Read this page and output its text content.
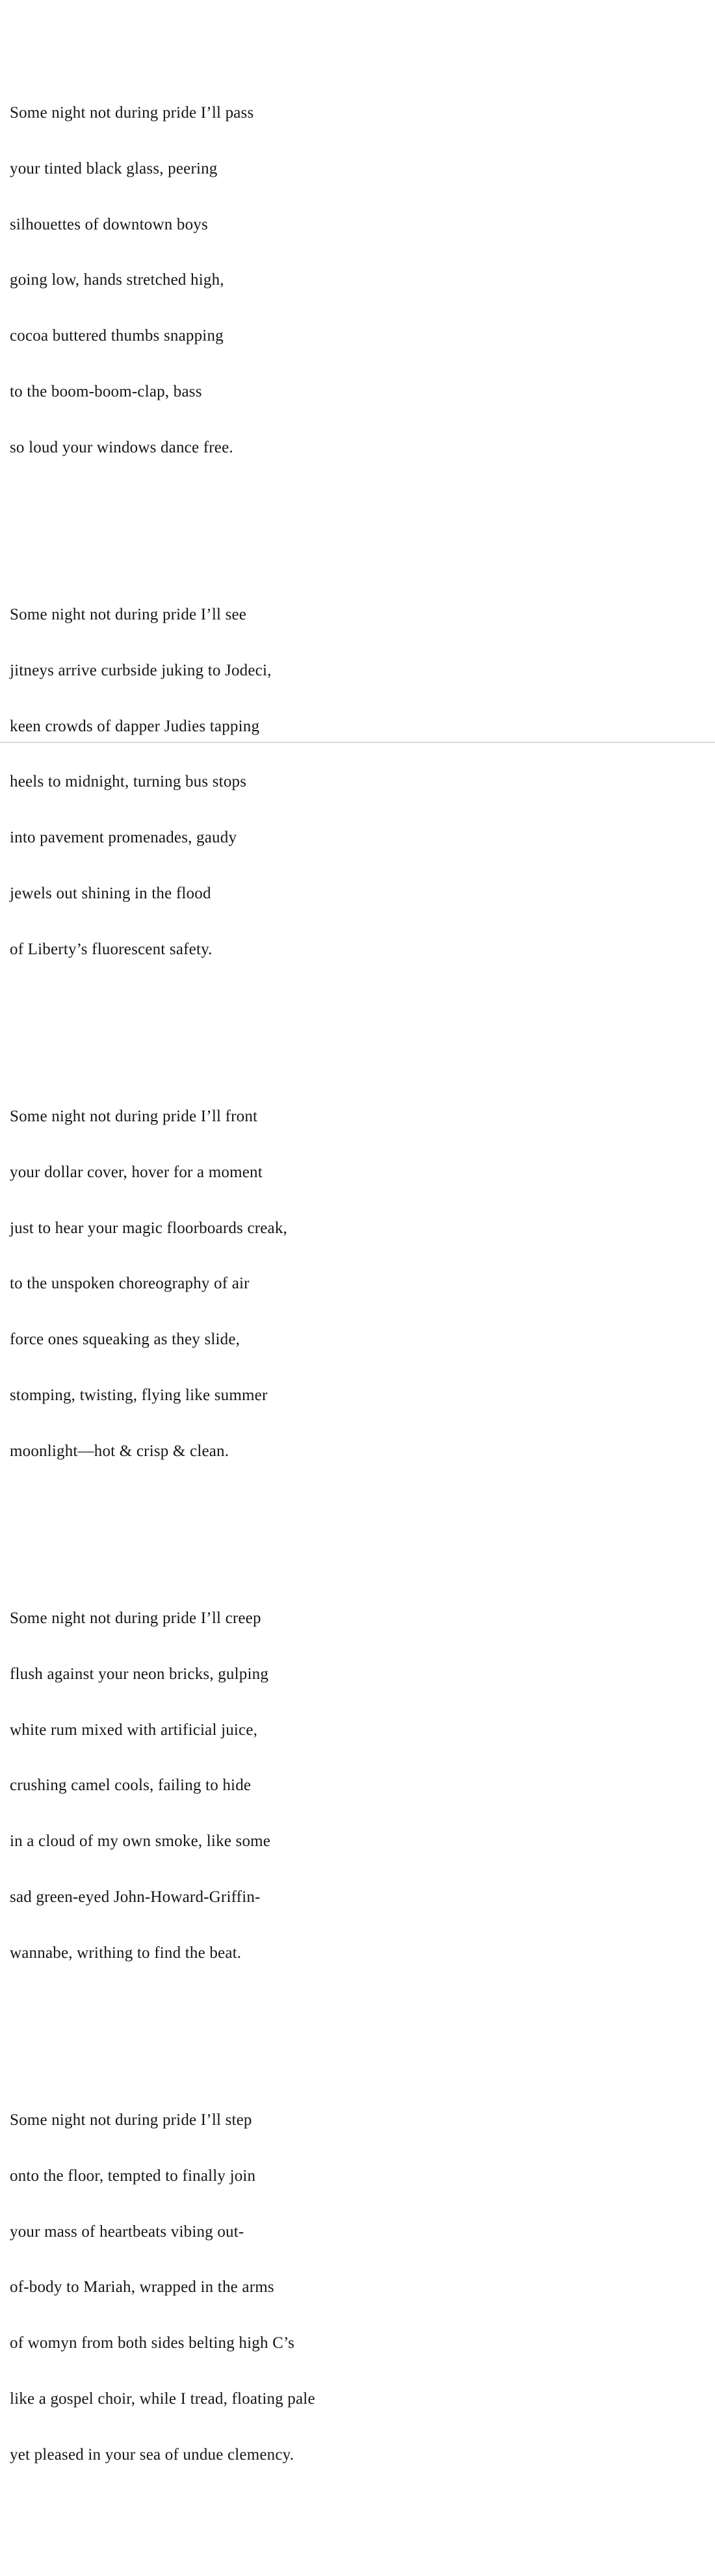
Some night not during pride I’ll pass

your tinted black glass, peering

silhouettes of downtown boys

going low, hands stretched high,

cocoa buttered thumbs snapping

to the boom-boom-clap, bass

so loud your windows dance free.

Some night not during pride I’ll see

jitneys arrive curbside juking to Jodeci,

keen crowds of dapper Judies tapping

heels to midnight, turning bus stops

into pavement promenades, gaudy

jewels out shining in the flood

of Liberty’s fluorescent safety.

Some night not during pride I’ll front

your dollar cover, hover for a moment

just to hear your magic floorboards creak,

to the unspoken choreography of air

force ones squeaking as they slide,

stomping, twisting, flying like summer

moonlight—hot & crisp & clean.

Some night not during pride I’ll creep

flush against your neon bricks, gulping

white rum mixed with artificial juice,

crushing camel cools, failing to hide

in a cloud of my own smoke, like some

sad green-eyed John-Howard-Griffin-

wannabe, writhing to find the beat.

Some night not during pride I’ll step

onto the floor, tempted to finally join

your mass of heartbeats vibing out-

of-body to Mariah, wrapped in the arms

of womyn from both sides belting high C’s

like a gospel choir, while I tread, floating pale

yet pleased in your sea of undue clemency.
